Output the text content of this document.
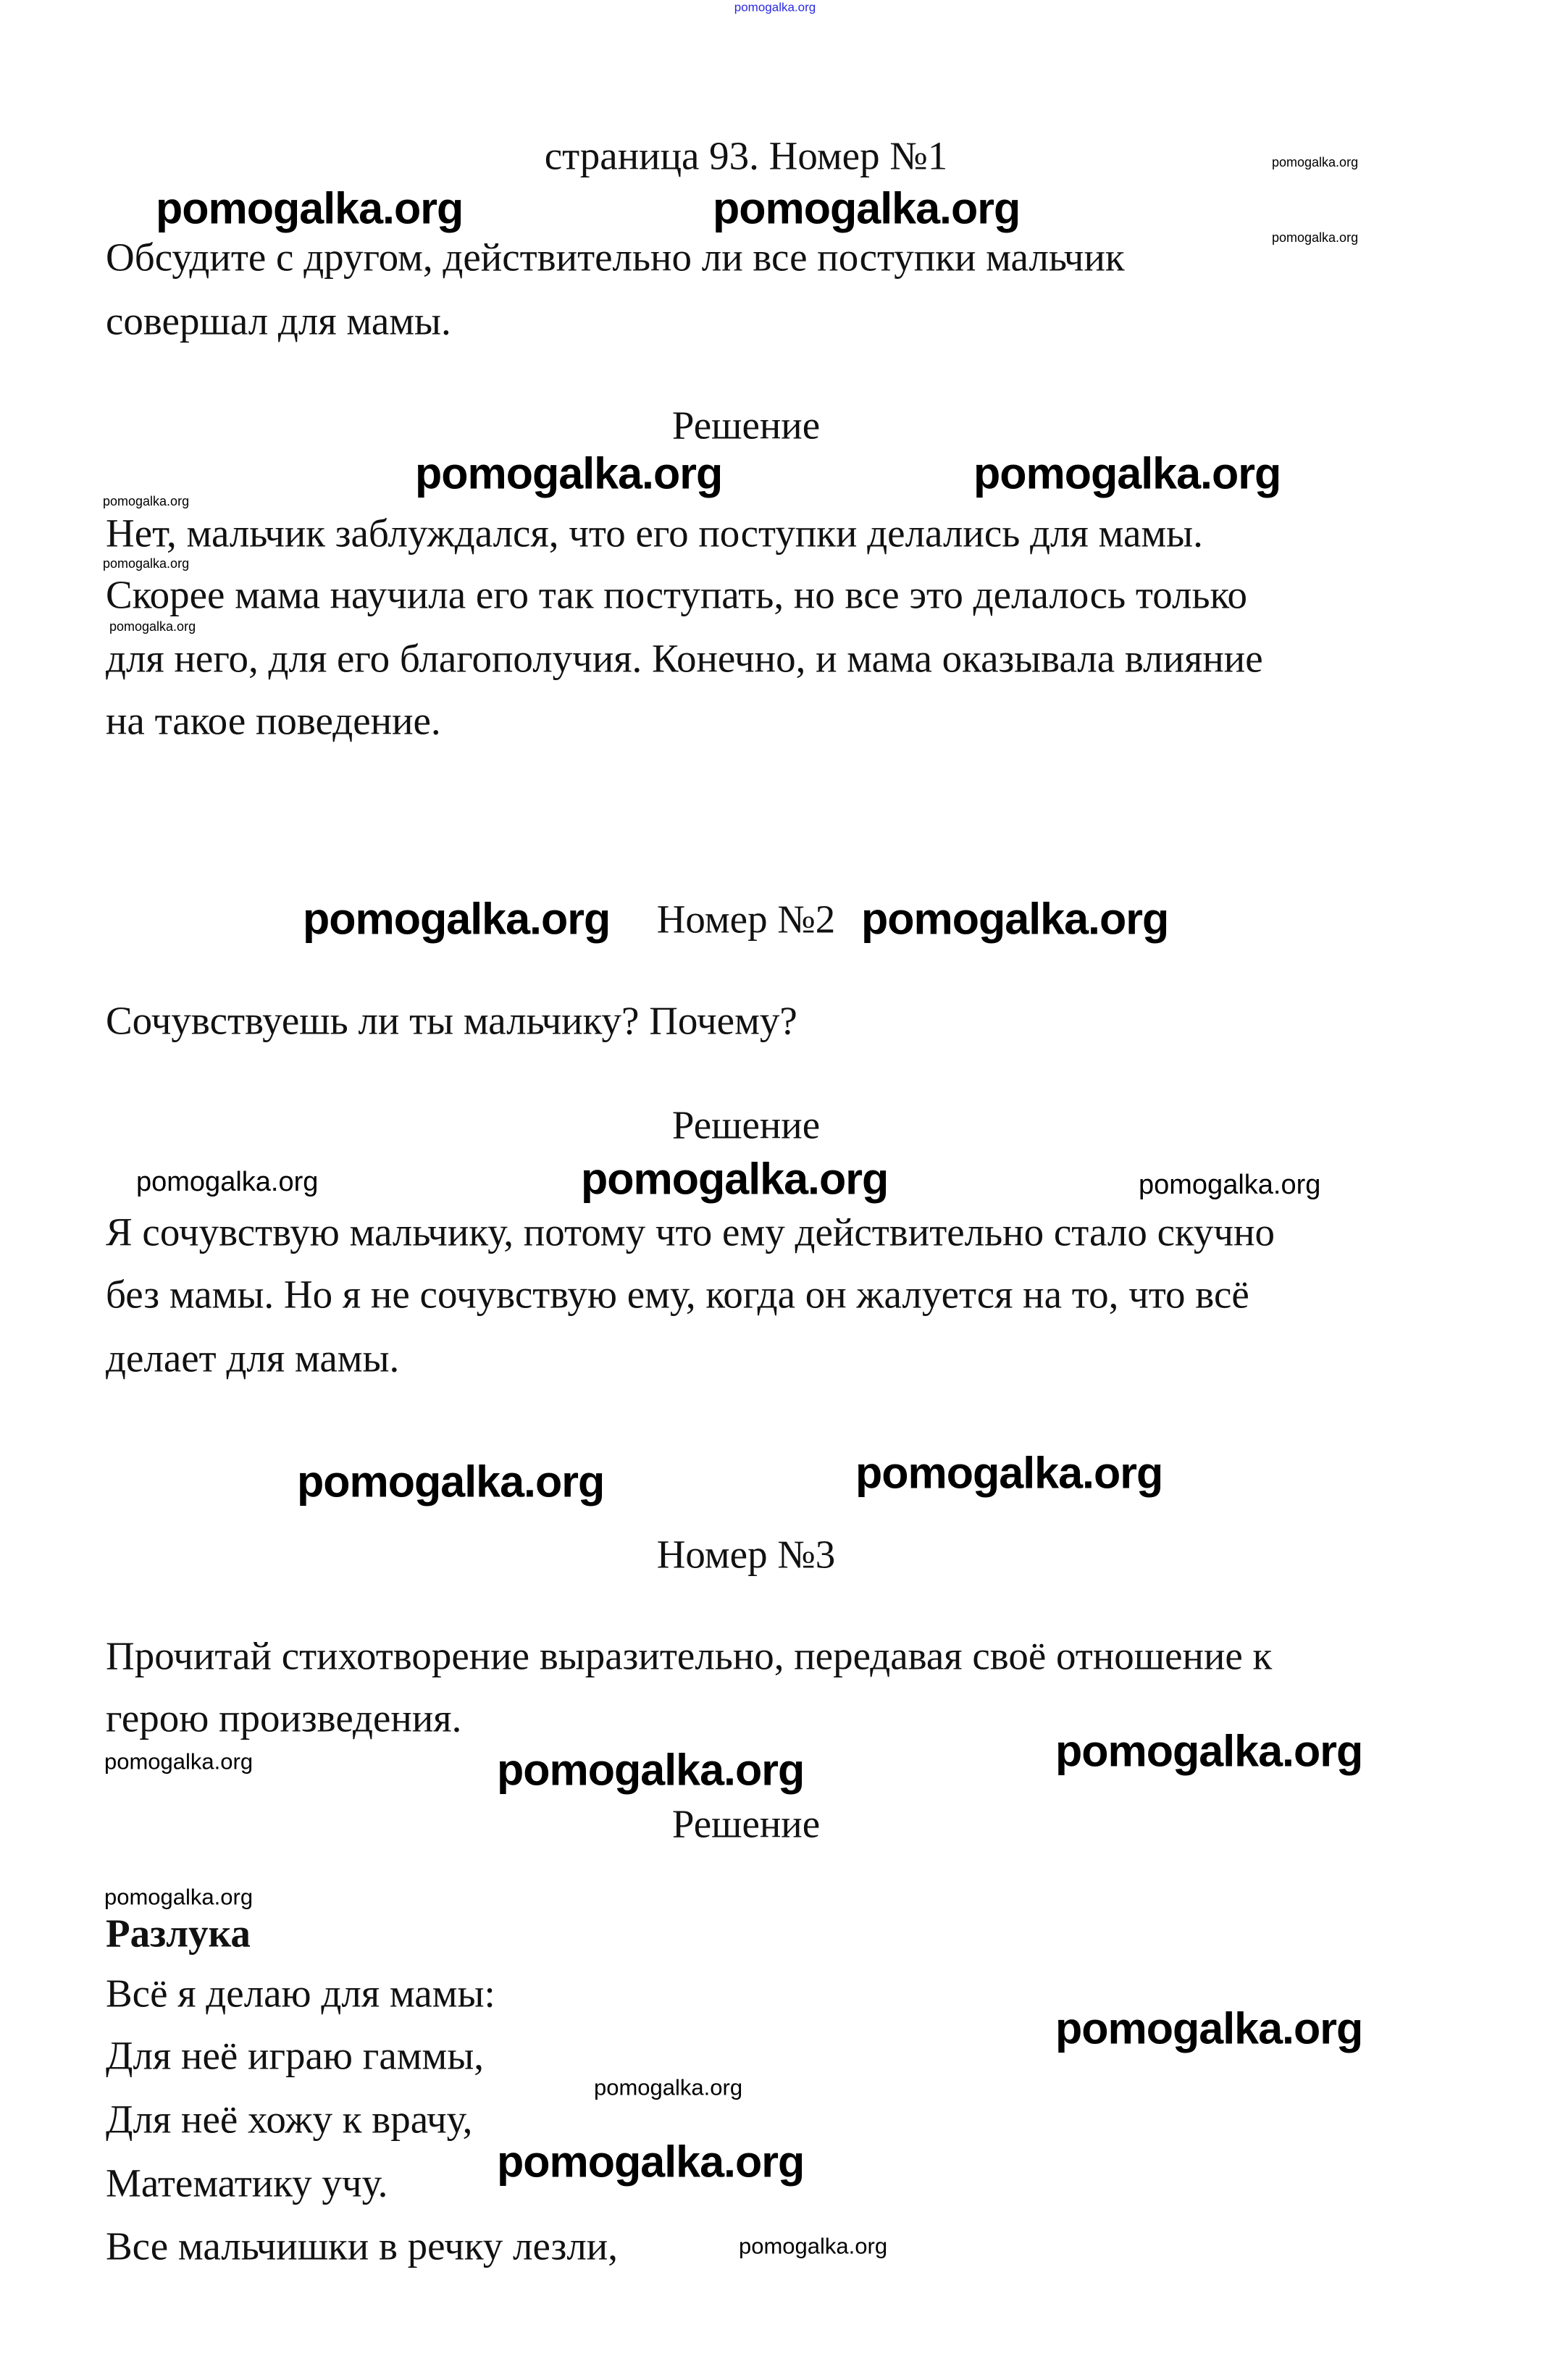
pomogalka.org
страница 93. Номер №1
Обсудите с другом, действительно ли все поступки мальчик
совершал для мамы.
Решение
Нет, мальчик заблуждался, что его поступки делались для мамы.
Скорее мама научила его так поступать, но все это делалось только
для него, для его благополучия. Конечно, и мама оказывала влияние
на такое поведение.
Номер №2
Сочувствуешь ли ты мальчику? Почему?
Решение
Я сочувствую мальчику, потому что ему действительно стало скучно
без мамы. Но я не сочувствую ему, когда он жалуется на то, что всё
делает для мамы.
Номер №3
Прочитай стихотворение выразительно, передавая своё отношение к
герою произведения.
Решение
Разлука
Всё я делаю для мамы:
Для неё играю гаммы,
Для неё хожу к врачу,
Математику учу.
Все мальчишки в речку лезли,
pomogalka.org	pomogalka.org
pomogalka.org	pomogalka.org
pomogalka.org	pomogalka.org
pomogalka.org
pomogalka.org	pomogalka.org
pomogalka.org	pomogalka.org
pomogalka.org
pomogalka.org
pomogalka.org	pomogalka.org
pomogalka.org
pomogalka.org
pomogalka.org
pomogalka.org
pomogalka.org
pomogalka.org
pomogalka.org
pomogalka.org
pomogalka.org
